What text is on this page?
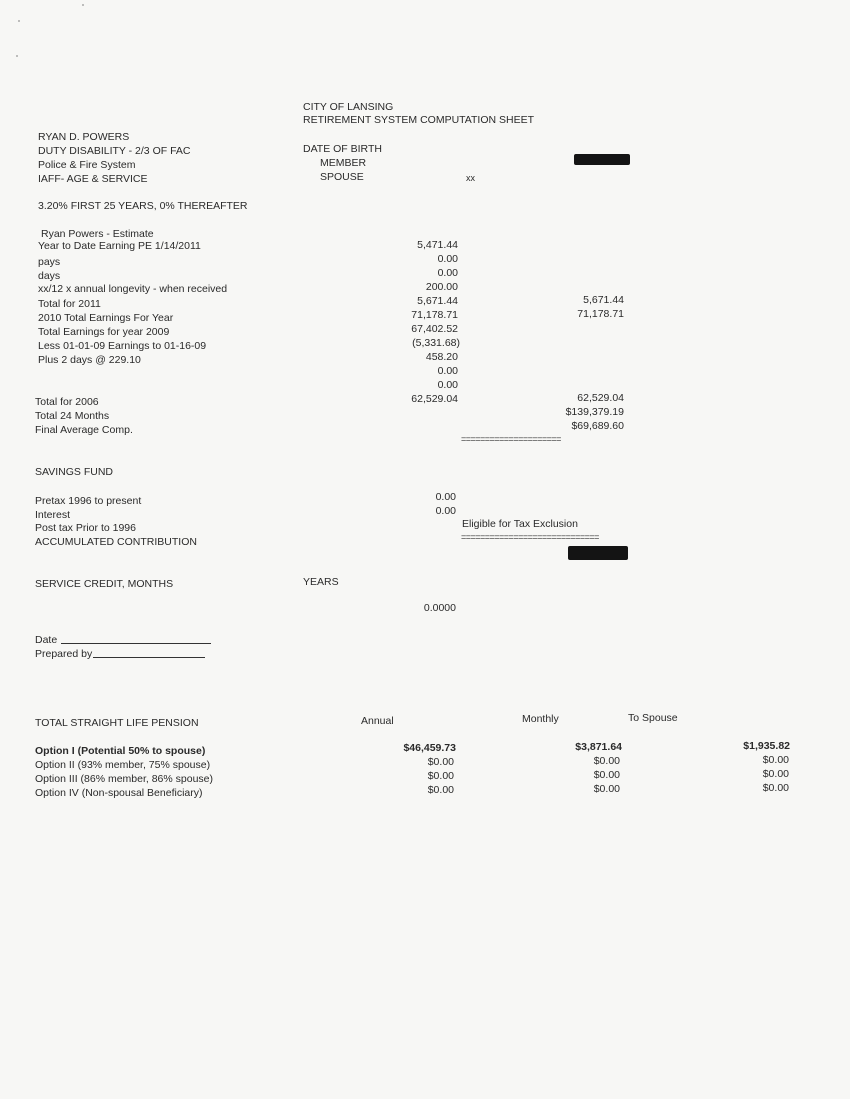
CITY OF LANSING
RETIREMENT SYSTEM COMPUTATION SHEET
RYAN D. POWERS
DUTY DISABILITY - 2/3 OF FAC
Police & Fire System
IAFF- AGE & SERVICE
3.20% FIRST 25 YEARS, 0% THEREAFTER
DATE OF BIRTH
MEMBER
SPOUSE	xx
Ryan Powers - Estimate
Year to Date Earning PE 1/14/2011	5,471.44
pays	0.00
days	0.00
xx/12 x annual longevity - when received	200.00
Total for 2011	5,671.44	5,671.44
2010 Total Earnings For Year	71,178.71	71,178.71
Total Earnings for year 2009	67,402.52
Less 01-01-09 Earnings to 01-16-09	(5,331.68)
Plus 2 days @ 229.10	458.20
0.00
0.00
Total for 2006	62,529.04	62,529.04
Total 24 Months	$139,379.19
Final Average Comp.	$69,689.60
=====================
SAVINGS FUND
Pretax 1996 to present	0.00
Interest	0.00
Post tax Prior to 1996
ACCUMULATED CONTRIBUTION
Eligible for Tax Exclusion
=============================
SERVICE CREDIT, MONTHS	YEARS
0.0000
Date
Prepared by
TOTAL STRAIGHT LIFE PENSION	Annual	Monthly	To Spouse
Option I (Potential 50% to spouse)	$46,459.73	$3,871.64	$1,935.82
Option II (93% member, 75% spouse)	$0.00	$0.00	$0.00
Option III (86% member, 86% spouse)	$0.00	$0.00	$0.00
Option IV (Non-spousal Beneficiary)	$0.00	$0.00	$0.00
